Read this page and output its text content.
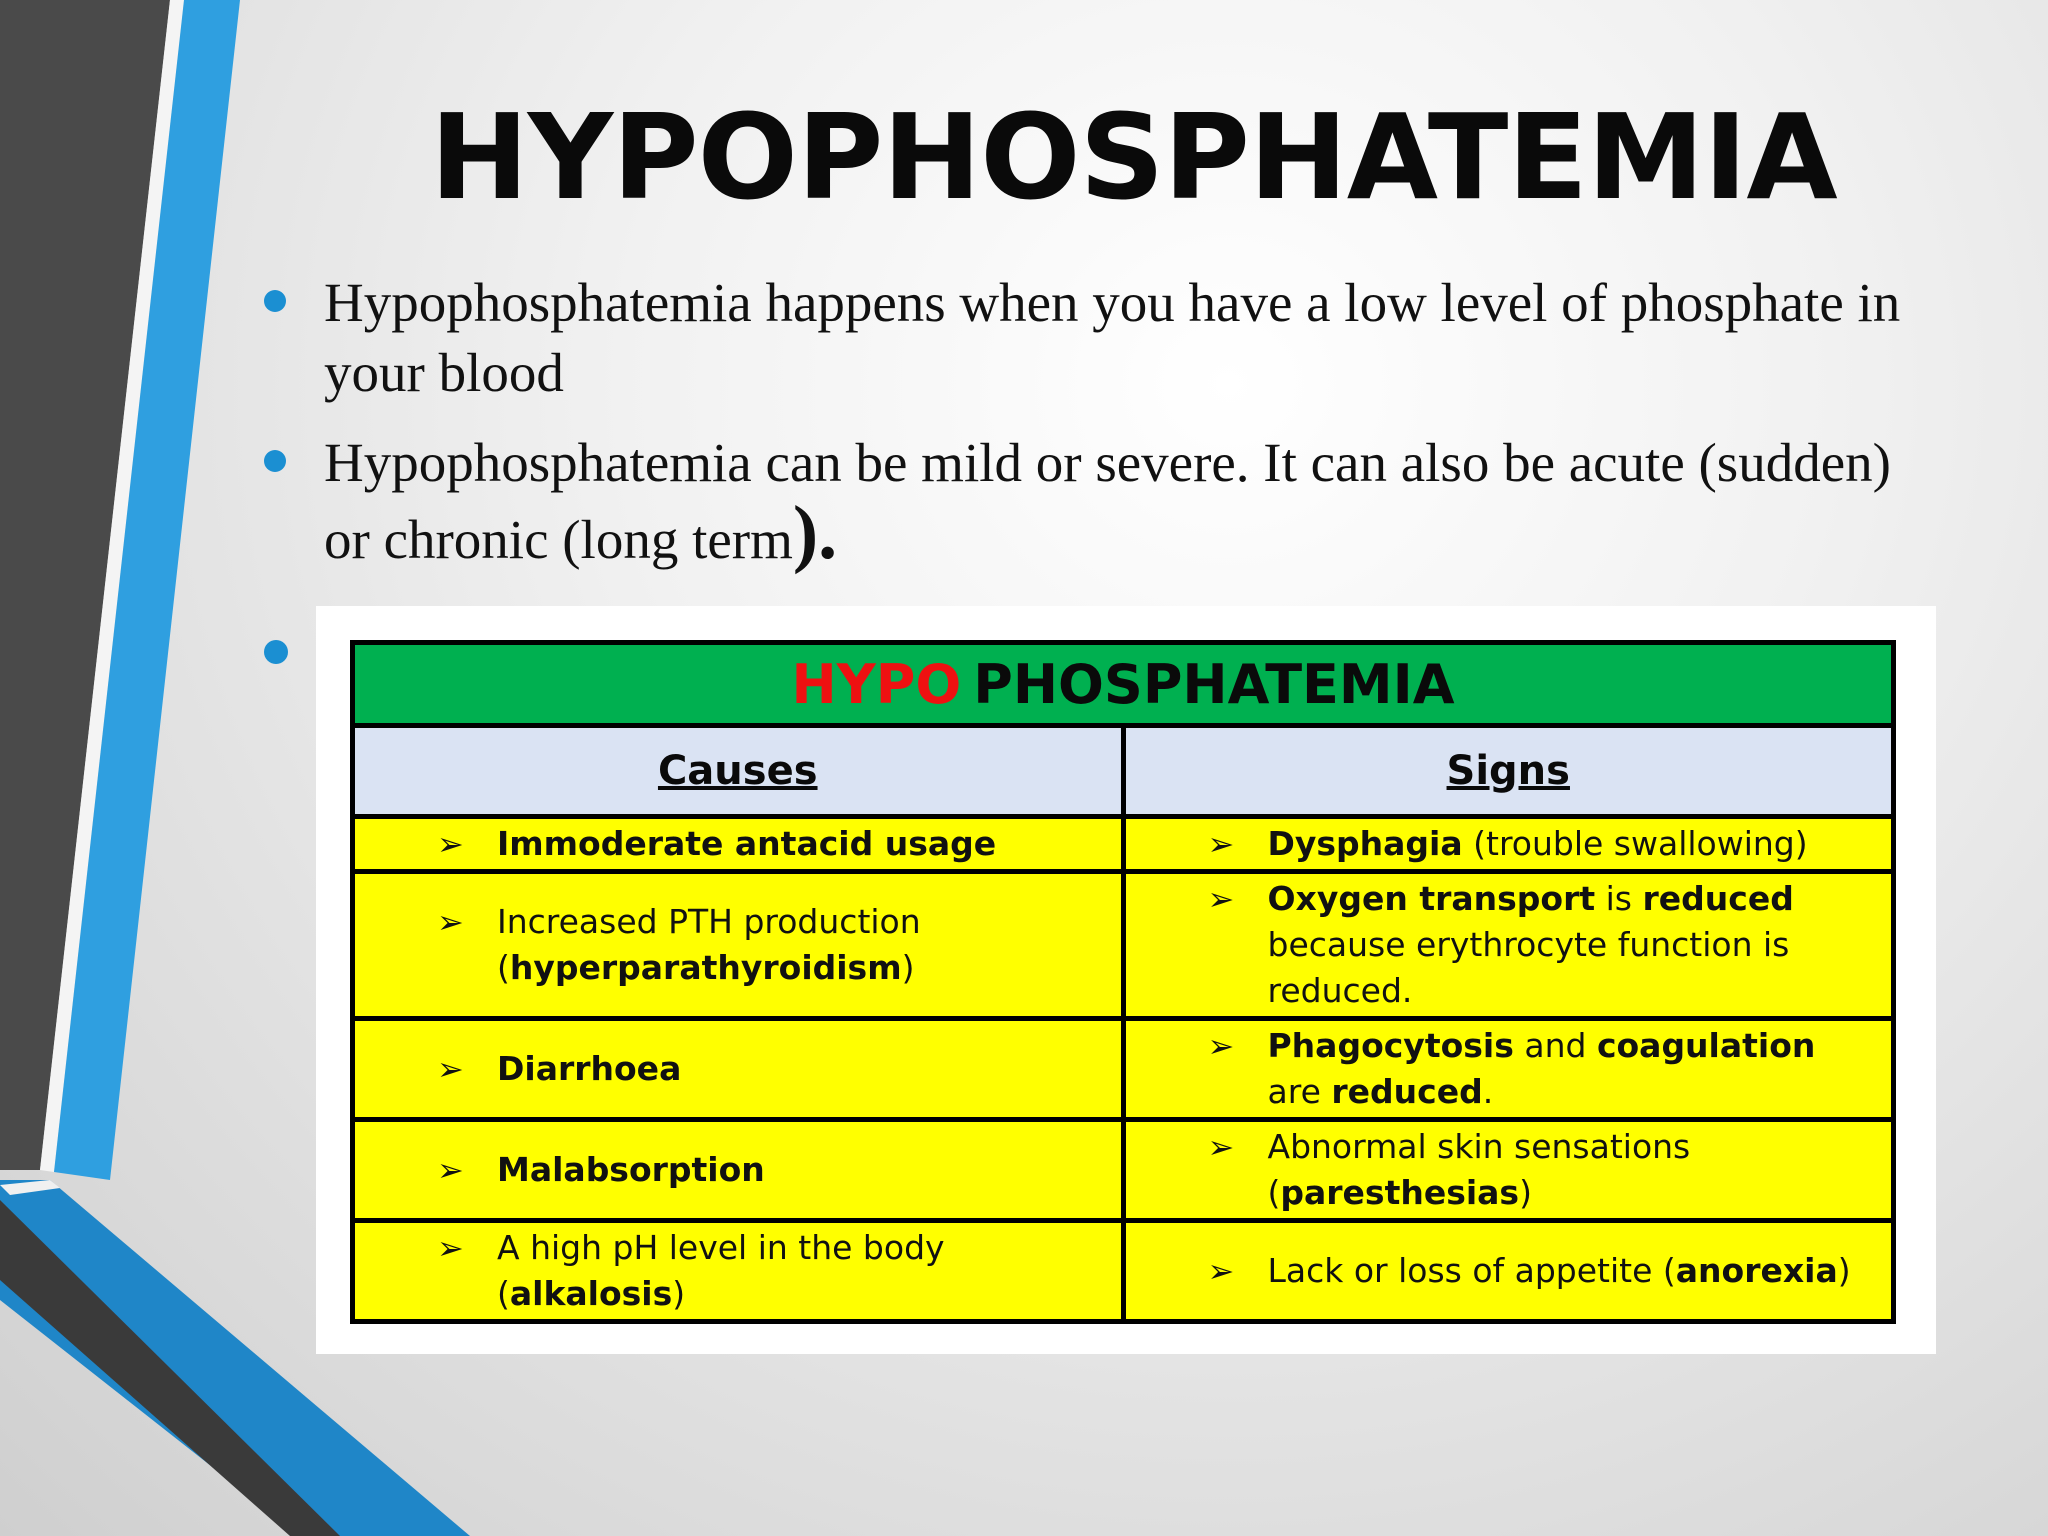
HYPOPHOSPHATEMIA
Hypophosphatemia happens when you have a low level of phosphate in your blood
Hypophosphatemia can be mild or severe. It can also be acute (sudden) or chronic (long term).
HYPO PHOSPHATEMIA	
Causes	Signs

➢ Immoderate antacid usage	➢ Dysphagia (trouble swallowing)

➢ Increased PTH production (hyperparathyroidism)	➢ Oxygen transport is reduced because erythrocyte function is reduced.

➢ Diarrhoea	➢ Phagocytosis and coagulation are reduced.

➢ Malabsorption	➢ Abnormal skin sensations (paresthesias)

➢ A high pH level in the body (alkalosis)	➢ Lack or loss of appetite (anorexia)
